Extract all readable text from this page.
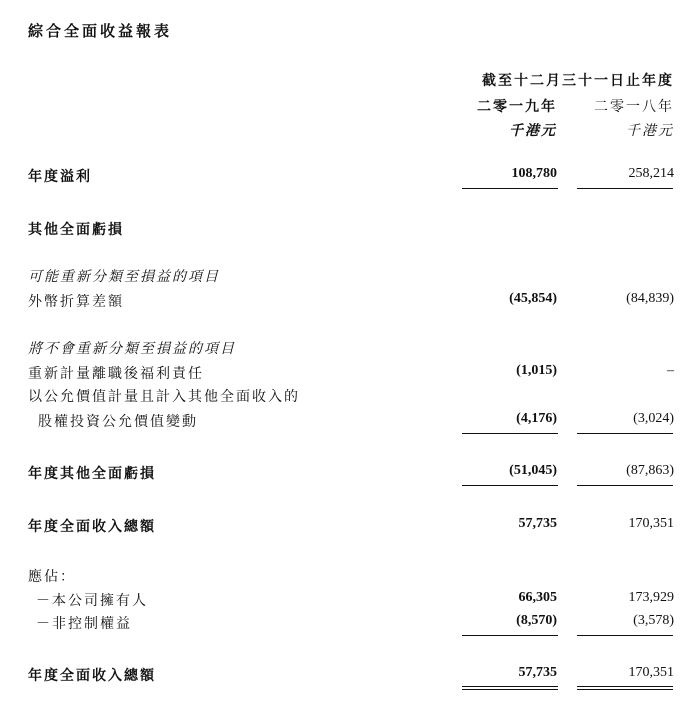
綜合全面收益報表
截至十二月三十一日止年度
二零一九年	二零一八年
千港元	千港元
年度溢利	108,780	258,214
其他全面虧損
可能重新分類至損益的項目
外幣折算差額	(45,854)	(84,839)
將不會重新分類至損益的項目
重新計量離職後福利責任	(1,015)	–
以公允價值計量且計入其他全面收入的
股權投資公允價值變動	(4,176)	(3,024)
年度其他全面虧損	(51,045)	(87,863)
年度全面收入總額	57,735	170,351
應佔：
－本公司擁有人	66,305	173,929
－非控制權益	(8,570)	(3,578)
年度全面收入總額	57,735	170,351
